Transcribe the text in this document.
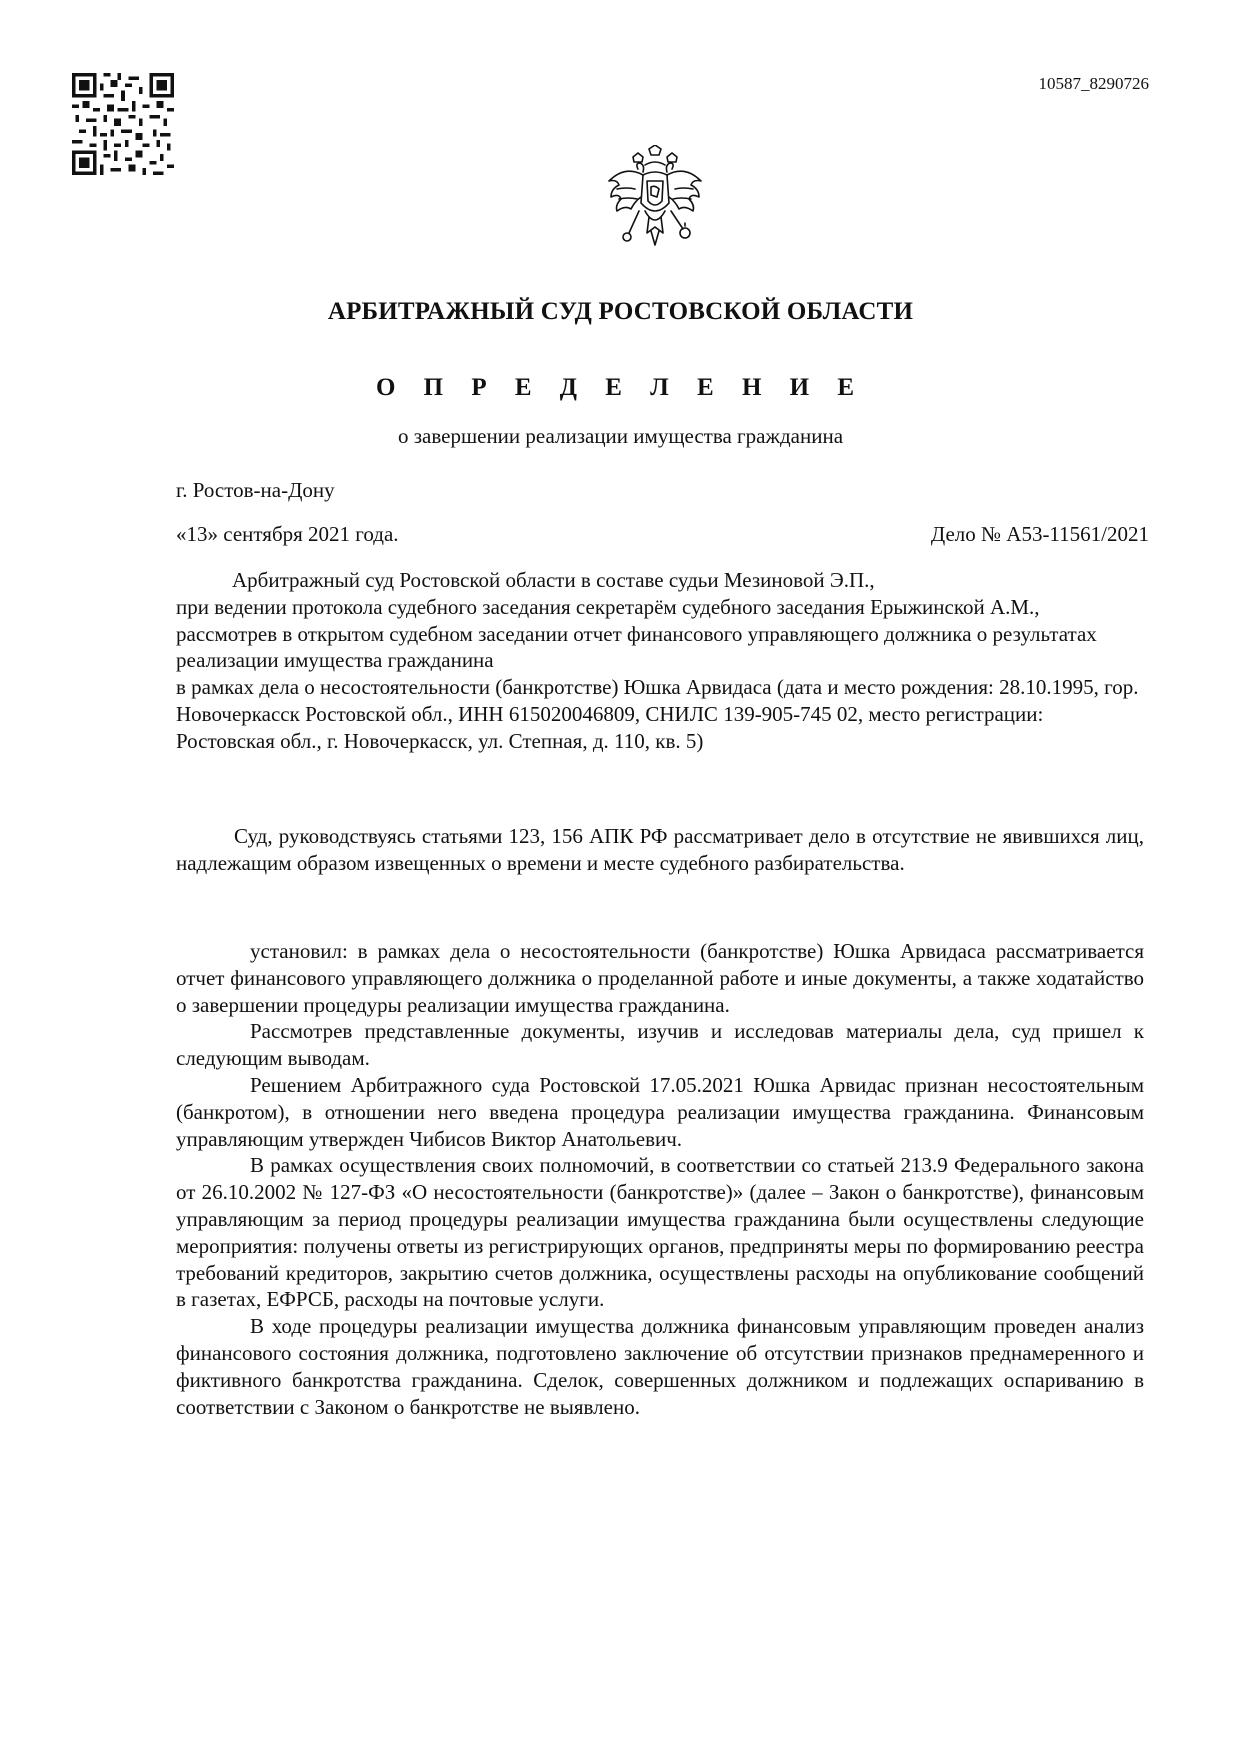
10587_8290726
АРБИТРАЖНЫЙ СУД РОСТОВСКОЙ ОБЛАСТИ
О П Р Е Д Е Л Е Н И Е
о завершении реализации имущества гражданина
г. Ростов-на-Дону
«13» сентября 2021 года.	Дело № А53-11561/2021
Арбитражный суд Ростовской области в составе судьи Мезиновой Э.П.,
при ведении протокола судебного заседания секретарём судебного заседания Ерыжинской А.М.,
рассмотрев в открытом судебном заседании отчет финансового управляющего должника о результатах реализации имущества гражданина
в рамках дела о несостоятельности (банкротстве) Юшка Арвидаса (дата и место рождения: 28.10.1995, гор. Новочеркасск Ростовской обл., ИНН 615020046809, СНИЛС 139-905-745 02, место регистрации: Ростовская обл., г. Новочеркасск, ул. Степная, д. 110, кв. 5)
Суд, руководствуясь статьями 123, 156 АПК РФ рассматривает дело в отсутствие не явившихся лиц, надлежащим образом извещенных о времени и месте судебного разбирательства.
установил: в рамках дела о несостоятельности (банкротстве) Юшка Арвидаса рассматривается отчет финансового управляющего должника о проделанной работе и иные документы, а также ходатайство о завершении процедуры реализации имущества гражданина.
Рассмотрев представленные документы, изучив и исследовав материалы дела, суд пришел к следующим выводам.
Решением Арбитражного суда Ростовской 17.05.2021 Юшка Арвидас признан несостоятельным (банкротом), в отношении него введена процедура реализации имущества гражданина. Финансовым управляющим утвержден Чибисов Виктор Анатольевич.
В рамках осуществления своих полномочий, в соответствии со статьей 213.9 Федерального закона от 26.10.2002 № 127-ФЗ «О несостоятельности (банкротстве)» (далее – Закон о банкротстве), финансовым управляющим за период процедуры реализации имущества гражданина были осуществлены следующие мероприятия: получены ответы из регистрирующих органов, предприняты меры по формированию реестра требований кредиторов, закрытию счетов должника, осуществлены расходы на опубликование сообщений в газетах, ЕФРСБ, расходы на почтовые услуги.
В ходе процедуры реализации имущества должника финансовым управляющим проведен анализ финансового состояния должника, подготовлено заключение об отсутствии признаков преднамеренного и фиктивного банкротства гражданина. Сделок, совершенных должником и подлежащих оспариванию в соответствии с Законом о банкротстве не выявлено.
